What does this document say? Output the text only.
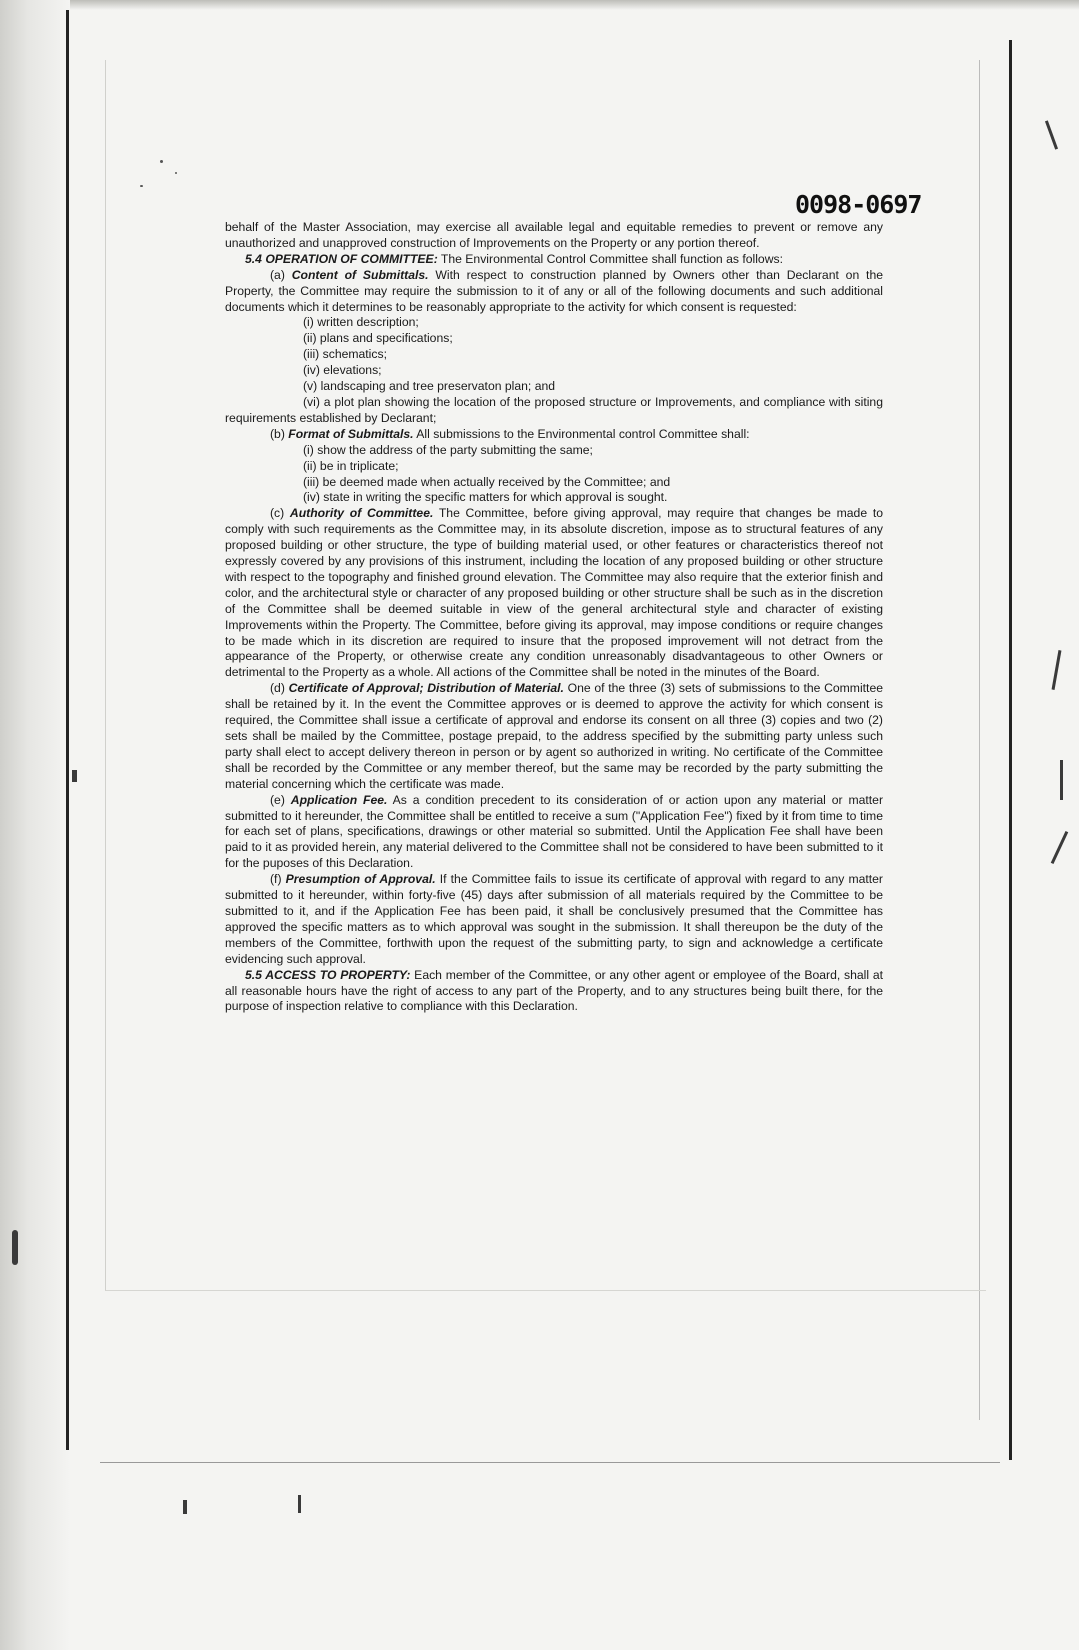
0098-0697

behalf of the Master Association, may exercise all available legal and equitable remedies to prevent or remove any unauthorized and unapproved construction of Improvements on the Property or any portion thereof.

5.4 OPERATION OF COMMITTEE: The Environmental Control Committee shall function as follows:

(a) Content of Submittals. With respect to construction planned by Owners other than Declarant on the Property, the Committee may require the submission to it of any or all of the following documents and such additional documents which it determines to be reasonably appropriate to the activity for which consent is requested:

(i) written description;

(ii) plans and specifications;

(iii) schematics;

(iv) elevations;

(v) landscaping and tree preservaton plan; and

(vi) a plot plan showing the location of the proposed structure or Improvements, and compliance with siting requirements established by Declarant;

(b) Format of Submittals. All submissions to the Environmental control Committee shall:

(i) show the address of the party submitting the same;

(ii) be in triplicate;

(iii) be deemed made when actually received by the Committee; and

(iv) state in writing the specific matters for which approval is sought.

(c) Authority of Committee. The Committee, before giving approval, may require that changes be made to comply with such requirements as the Committee may, in its absolute discretion, impose as to structural features of any proposed building or other structure, the type of building material used, or other features or characteristics thereof not expressly covered by any provisions of this instrument, including the location of any proposed building or other structure with respect to the topography and finished ground elevation. The Committee may also require that the exterior finish and color, and the architectural style or character of any proposed building or other structure shall be such as in the discretion of the Committee shall be deemed suitable in view of the general architectural style and character of existing Improvements within the Property. The Committee, before giving its approval, may impose conditions or require changes to be made which in its discretion are required to insure that the proposed improvement will not detract from the appearance of the Property, or otherwise create any condition unreasonably disadvantageous to other Owners or detrimental to the Property as a whole. All actions of the Committee shall be noted in the minutes of the Board.

(d) Certificate of Approval; Distribution of Material. One of the three (3) sets of submissions to the Committee shall be retained by it. In the event the Committee approves or is deemed to approve the activity for which consent is required, the Committee shall issue a certificate of approval and endorse its consent on all three (3) copies and two (2) sets shall be mailed by the Committee, postage prepaid, to the address specified by the submitting party unless such party shall elect to accept delivery thereon in person or by agent so authorized in writing. No certificate of the Committee shall be recorded by the Committee or any member thereof, but the same may be recorded by the party submitting the material concerning which the certificate was made.

(e) Application Fee. As a condition precedent to its consideration of or action upon any material or matter submitted to it hereunder, the Committee shall be entitled to receive a sum ("Application Fee") fixed by it from time to time for each set of plans, specifications, drawings or other material so submitted. Until the Application Fee shall have been paid to it as provided herein, any material delivered to the Committee shall not be considered to have been submitted to it for the puposes of this Declaration.

(f) Presumption of Approval. If the Committee fails to issue its certificate of approval with regard to any matter submitted to it hereunder, within forty-five (45) days after submission of all materials required by the Committee to be submitted to it, and if the Application Fee has been paid, it shall be conclusively presumed that the Committee has approved the specific matters as to which approval was sought in the submission. It shall thereupon be the duty of the members of the Committee, forthwith upon the request of the submitting party, to sign and acknowledge a certificate evidencing such approval.

5.5 ACCESS TO PROPERTY: Each member of the Committee, or any other agent or employee of the Board, shall at all reasonable hours have the right of access to any part of the Property, and to any structures being built there, for the purpose of inspection relative to compliance with this Declaration.
